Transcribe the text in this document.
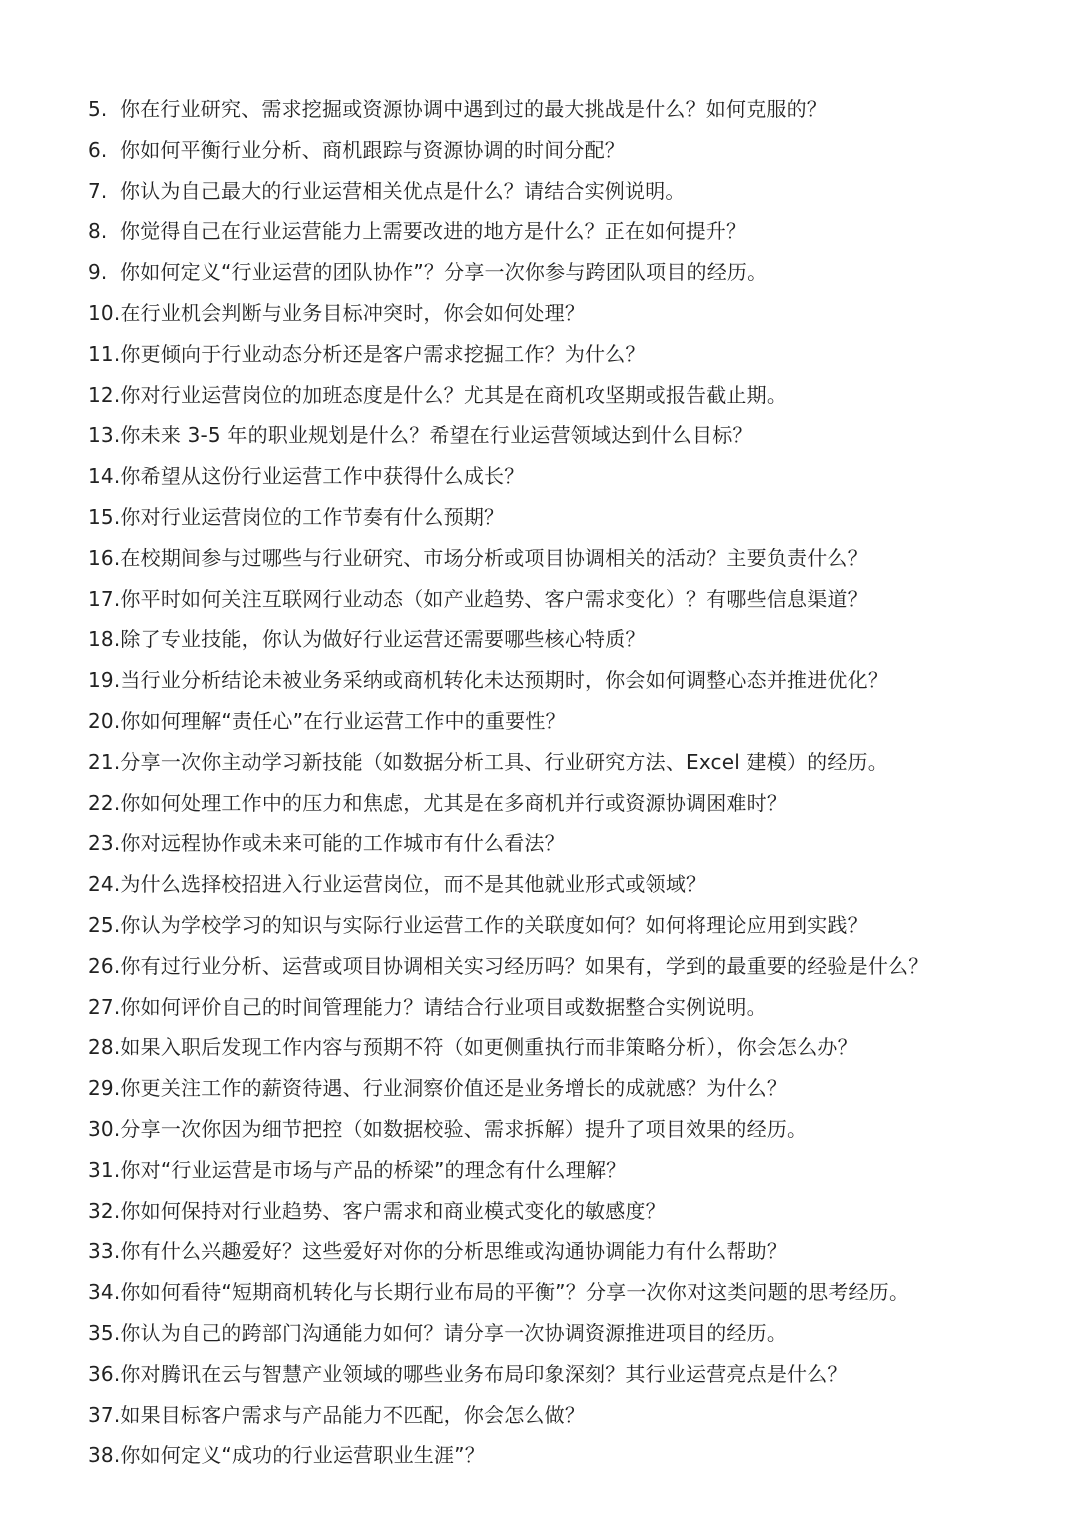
5. 你在行业研究、需求挖掘或资源协调中遇到过的最大挑战是什么？如何克服的？
6. 你如何平衡行业分析、商机跟踪与资源协调的时间分配？
7. 你认为自己最大的行业运营相关优点是什么？请结合实例说明。
8. 你觉得自己在行业运营能力上需要改进的地方是什么？正在如何提升？
9. 你如何定义“行业运营的团队协作”？分享一次你参与跨团队项目的经历。
10. 在行业机会判断与业务目标冲突时，你会如何处理？
11. 你更倾向于行业动态分析还是客户需求挖掘工作？为什么？
12. 你对行业运营岗位的加班态度是什么？尤其是在商机攻坚期或报告截止期。
13. 你未来 3-5 年的职业规划是什么？希望在行业运营领域达到什么目标？
14. 你希望从这份行业运营工作中获得什么成长？
15. 你对行业运营岗位的工作节奏有什么预期？
16. 在校期间参与过哪些与行业研究、市场分析或项目协调相关的活动？主要负责什么？
17. 你平时如何关注互联网行业动态（如产业趋势、客户需求变化）？有哪些信息渠道？
18. 除了专业技能，你认为做好行业运营还需要哪些核心特质？
19. 当行业分析结论未被业务采纳或商机转化未达预期时，你会如何调整心态并推进优化？
20. 你如何理解“责任心”在行业运营工作中的重要性？
21. 分享一次你主动学习新技能（如数据分析工具、行业研究方法、Excel 建模）的经历。
22. 你如何处理工作中的压力和焦虑，尤其是在多商机并行或资源协调困难时？
23. 你对远程协作或未来可能的工作城市有什么看法？
24. 为什么选择校招进入行业运营岗位，而不是其他就业形式或领域？
25. 你认为学校学习的知识与实际行业运营工作的关联度如何？如何将理论应用到实践？
26. 你有过行业分析、运营或项目协调相关实习经历吗？如果有，学到的最重要的经验是什么？
27. 你如何评价自己的时间管理能力？请结合行业项目或数据整合实例说明。
28. 如果入职后发现工作内容与预期不符（如更侧重执行而非策略分析），你会怎么办？
29. 你更关注工作的薪资待遇、行业洞察价值还是业务增长的成就感？为什么？
30. 分享一次你因为细节把控（如数据校验、需求拆解）提升了项目效果的经历。
31. 你对“行业运营是市场与产品的桥梁”的理念有什么理解？
32. 你如何保持对行业趋势、客户需求和商业模式变化的敏感度？
33. 你有什么兴趣爱好？这些爱好对你的分析思维或沟通协调能力有什么帮助？
34. 你如何看待“短期商机转化与长期行业布局的平衡”？分享一次你对这类问题的思考经历。
35. 你认为自己的跨部门沟通能力如何？请分享一次协调资源推进项目的经历。
36. 你对腾讯在云与智慧产业领域的哪些业务布局印象深刻？其行业运营亮点是什么？
37. 如果目标客户需求与产品能力不匹配，你会怎么做？
38. 你如何定义“成功的行业运营职业生涯”？
